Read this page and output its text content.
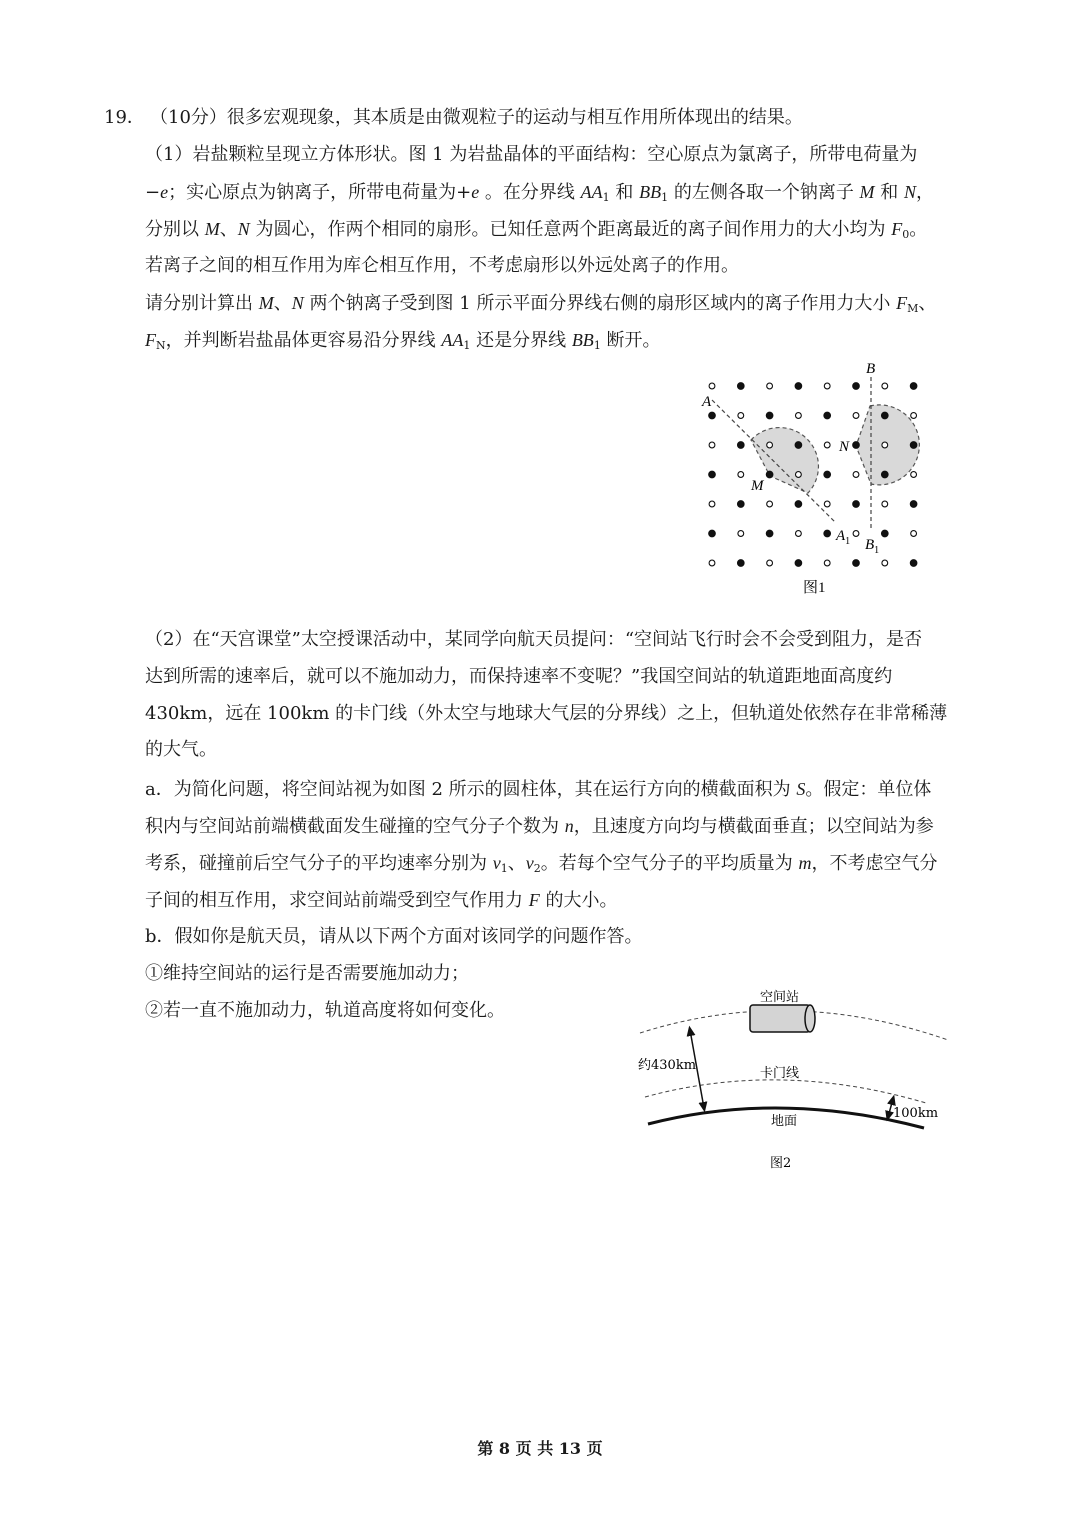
19． （10分）很多宏观现象，其本质是由微观粒子的运动与相互作用所体现出的结果。
（1）岩盐颗粒呈现立方体形状。图 1 为岩盐晶体的平面结构：空心原点为氯离子，所带电荷量为
−e；实心原点为钠离子，所带电荷量为+e 。在分界线 $AA_1$ 和 $BB_1$ 的左侧各取一个钠离子 M 和 N，
分别以 M、N 为圆心，作两个相同的扇形。已知任意两个距离最近的离子间作用力的大小均为 $F_0$。
若离子之间的相互作用为库仑相互作用，不考虑扇形以外远处离子的作用。
请分别计算出 M、N 两个钠离子受到图 1 所示平面分界线右侧的扇形区域内的离子作用力大小 $F_M$、
$F_N$，并判断岩盐晶体更容易沿分界线 $AA_1$ 还是分界线 $BB_1$ 断开。
（2）在“天宫课堂”太空授课活动中，某同学向航天员提问：“空间站飞行时会不会受到阻力，是否
达到所需的速率后，就可以不施加动力，而保持速率不变呢？”我国空间站的轨道距地面高度约
430km，远在 100km 的卡门线（外太空与地球大气层的分界线）之上，但轨道处依然存在非常稀薄
的大气。
a．为简化问题，将空间站视为如图 2 所示的圆柱体，其在运行方向的横截面积为 S。假定：单位体
积内与空间站前端横截面发生碰撞的空气分子个数为 n，且速度方向均与横截面垂直；以空间站为参
考系，碰撞前后空气分子的平均速率分别为 $v_1$、$v_2$。若每个空气分子的平均质量为 m，不考虑空气分
子间的相互作用，求空间站前端受到空气作用力 F 的大小。
b．假如你是航天员，请从以下两个方面对该同学的问题作答。
①维持空间站的运行是否需要施加动力；
②若一直不施加动力，轨道高度将如何变化。
A
B
M
N
$A_1$ $B_1$
图1
空间站
约430km
卡门线
地面
100km
图2
第 8 页 共 13 页
